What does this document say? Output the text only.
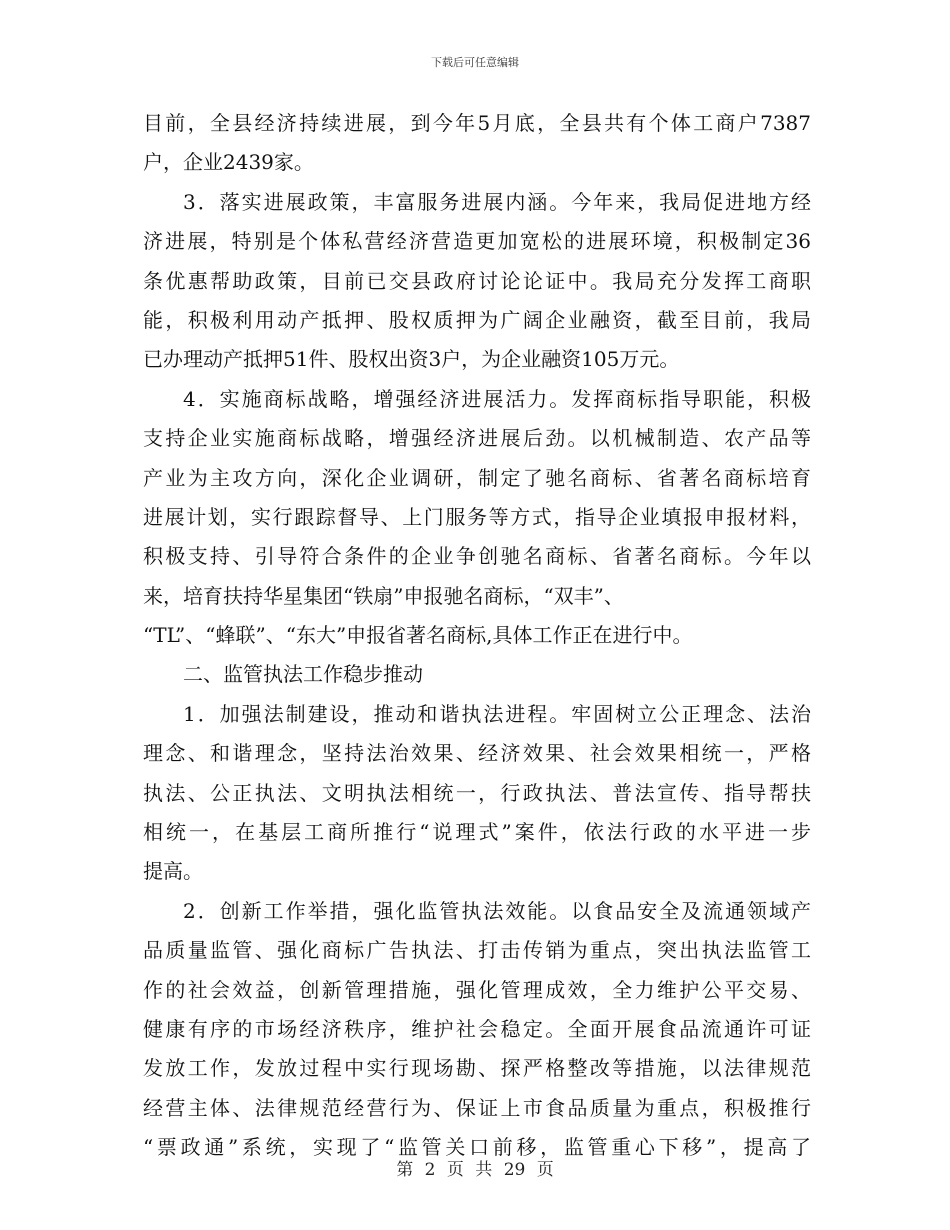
下载后可任意编辑
目前，全县经济持续进展，到今年5月底，全县共有个体工商户7387
户，企业2439家。
3．落实进展政策，丰富服务进展内涵。今年来，我局促进地方经
济进展，特别是个体私营经济营造更加宽松的进展环境，积极制定36
条优惠帮助政策，目前已交县政府讨论论证中。我局充分发挥工商职
能，积极利用动产抵押、股权质押为广阔企业融资，截至目前，我局
已办理动产抵押51件、股权出资3户，为企业融资105万元。
4．实施商标战略，增强经济进展活力。发挥商标指导职能，积极
支持企业实施商标战略，增强经济进展后劲。以机械制造、农产品等
产业为主攻方向，深化企业调研，制定了驰名商标、省著名商标培育
进展计划，实行跟踪督导、上门服务等方式，指导企业填报申报材料，
积极支持、引导符合条件的企业争创驰名商标、省著名商标。今年以
来，培育扶持华星集团“铁扇”申报驰名商标，“双丰”、
“TL”、“蜂联”、“东大”申报省著名商标,具体工作正在进行中。
二、监管执法工作稳步推动
1．加强法制建设，推动和谐执法进程。牢固树立公正理念、法治
理念、和谐理念，坚持法治效果、经济效果、社会效果相统一，严格
执法、公正执法、文明执法相统一，行政执法、普法宣传、指导帮扶
相统一，在基层工商所推行“说理式”案件，依法行政的水平进一步
提高。
2．创新工作举措，强化监管执法效能。以食品安全及流通领域产
品质量监管、强化商标广告执法、打击传销为重点，突出执法监管工
作的社会效益，创新管理措施，强化管理成效，全力维护公平交易、
健康有序的市场经济秩序，维护社会稳定。全面开展食品流通许可证
发放工作，发放过程中实行现场勘、探严格整改等措施，以法律规范
经营主体、法律规范经营行为、保证上市食品质量为重点，积极推行
“票政通”系统，实现了“监管关口前移，监管重心下移”，提高了
第 2 页 共 29 页
